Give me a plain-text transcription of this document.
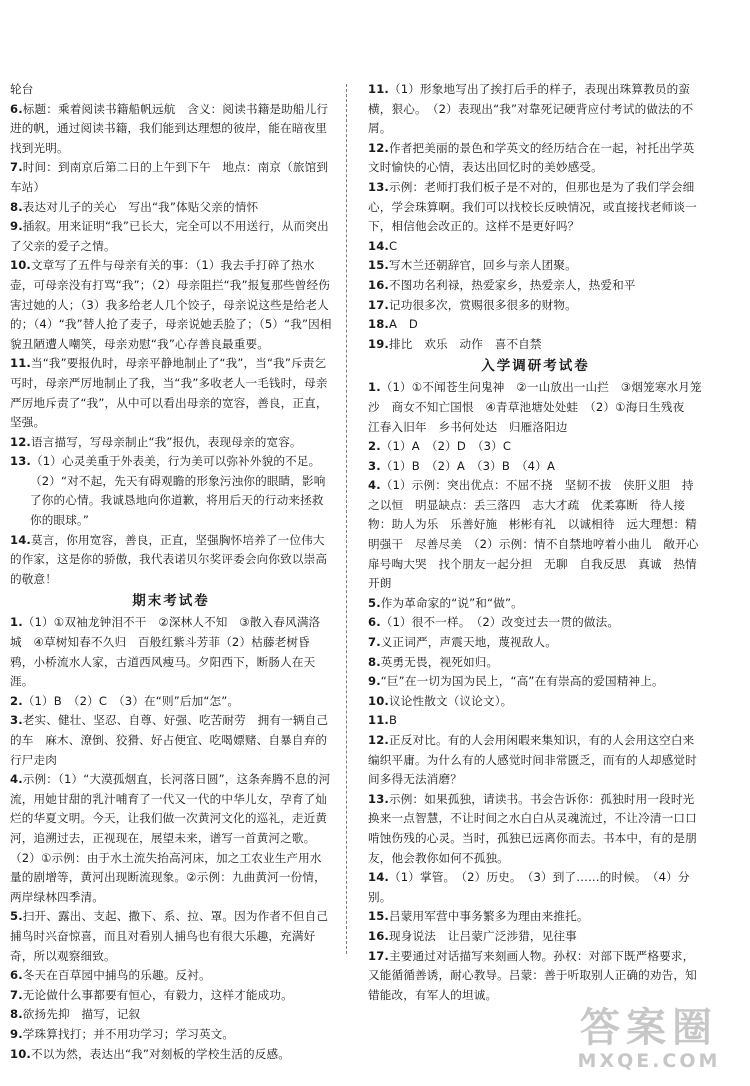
轮台

6.标题：乘着阅读书籍船帆远航　含义：阅读书籍是助船儿行进的帆，通过阅读书籍，我们能到达理想的彼岸，能在暗夜里找到光明。

7.时间：到南京后第二日的上午到下午　地点：南京（旅馆到车站）

8.表达对儿子的关心　写出“我”体贴父亲的情怀

9.插叙。用来证明“我”已长大，完全可以不用送行，从而突出了父亲的爱子之情。

10.文章写了五件与母亲有关的事：（1）我去手打碎了热水壶，可母亲没有打骂“我”；（2）母亲阻拦“我”报复那些曾经伤害过她的人；（3）我多给老人几个饺子，母亲说这些是给老人的；（4）“我”替人抢了麦子，母亲说她丢脸了；（5）“我”因相貌丑陋遭人嘲笑，母亲劝慰“我”心存善良最重要。

11.当“我”要报仇时，母亲平静地制止了“我”，当“我”斥责乞丐时，母亲严厉地制止了我，当“我”多收老人一毛钱时，母亲严厉地斥责了“我”，从中可以看出母亲的宽容，善良，正直，坚强。

12.语言描写，写母亲制止“我”报仇，表现母亲的宽容。

13.（1）心灵美重于外表美，行为美可以弥补外貌的不足。

（2）“对不起，先天有碍观瞻的形象污浊你的眼睛，影响了你的心情。我诚恳地向你道歉，将用后天的行动来拯救你的眼球。”

14.莫言，你用宽容，善良，正直，坚强胸怀培养了一位伟大的作家，这是你的骄傲，我代表诺贝尔奖评委会向你致以崇高的敬意！

期末考试卷

1.（1）①双袖龙钟泪不干　②深林人不知　③散入春风满洛城　④草树知春不久归　百般红紫斗芳菲（2）枯藤老树昏鸦，小桥流水人家，古道西风瘦马。夕阳西下，断肠人在天涯。

2.（1）B　（2）C　（3）在“则”后加“怎”。

3.老实、健壮、坚忍、自尊、好强、吃苦耐劳　拥有一辆自己的车　麻木、潦倒、狡猾、好占便宜、吃喝嫖赌、自暴自弃的行尸走肉

4.示例：（1）“大漠孤烟直，长河落日圆”，这条奔腾不息的河流，用她甘甜的乳汁哺育了一代又一代的中华儿女，孕育了灿烂的华夏文明。今天，让我们做一次黄河文化的巡礼，走近黄河，追溯过去，正视现在，展望未来，谱写一首黄河之歌。　（2）①示例：由于水土流失抬高河床，加之工农业生产用水量的剧增等，黄河出现断流现象。②示例：九曲黄河一份情，两岸绿林四季清。

5.扫开、露出、支起、撒下、系、拉、罩。因为作者不但自己捕鸟时兴奋惊喜，而且对看别人捕鸟也有很大乐趣，充满好奇，所以观察细致。

6.冬天在百草园中捕鸟的乐趣。反衬。

7.无论做什么事都要有恒心，有毅力，这样才能成功。

8.欲扬先抑　描写，记叙

9.学珠算找打；并不用功学习；学习英文。

10.不以为然，表达出“我”对刻板的学校生活的反感。

11.（1）形象地写出了挨打后手的样子，表现出珠算教员的蛮横，狠心。　（2）表现出“我”对靠死记硬背应付考试的做法的不屑。

12.作者把美丽的景色和学英文的经历结合在一起，衬托出学英文时愉快的心情，表达出回忆时的美妙感受。

13.示例：老师打我们板子是不对的，但那也是为了我们学会细心，学会珠算啊。我们可以找校长反映情况，或直接找老师谈一下，相信他会改正的。这样不是更好吗？

14.C

15.写木兰还朝辞官，回乡与亲人团聚。

16.不图功名利禄，热爱家乡，热爱亲人，热爱和平

17.记功很多次，赏赐很多很多的财物。

18.A　D

19.排比　欢乐　动作　喜不自禁

入学调研考试卷

1.（1）①不闻苍生问鬼神　②一山放出一山拦　③烟笼寒水月笼沙　商女不知亡国恨　④青草池塘处处蛙　（2）①海日生残夜　江春入旧年　乡书何处达　归雁洛阳边

2.（1）A　（2）D　（3）C

3.（1）B　（2）A　（3）B　（4）A

4.（1）示例：突出优点：不屈不挠　坚韧不拔　侠肝义胆　持之以恒　明显缺点：丢三落四　志大才疏　优柔寡断　待人接物：助人为乐　乐善好施　彬彬有礼　以诚相待　远大理想：精明强干　尽善尽美　（2）示例：情不自禁地哼着小曲儿　敞开心扉号啕大哭　找个朋友一起分担　无聊　自我反思　真诚　热情　开朗

5.作为革命家的“说”和“做”。

6.（1）很不一样。　（2）改变过去一贯的做法。

7.义正词严，声震天地，蔑视敌人。

8.英勇无畏，视死如归。

9.“巨”在一切为国为民上，“高”在有崇高的爱国精神上。

10.议论性散文（议论文）。

11.B

12.正反对比。有的人会用闲暇来集知识，有的人会用这空白来编织平庸。为什么有的人感觉时间非常匮乏，而有的人却感觉时间多得无法消磨？

13.示例：如果孤独，请读书。书会告诉你：孤独时用一段时光换来一点智慧，不让时间之水白白从灵魂流过，不让冷清一口口啃蚀伤残的心灵。当时，孤独已远离你而去。书本中，有的是朋友，他会教你如何不孤独。

14.（1）掌管。　（2）历史。　（3）到了……的时候。　（4）分别。

15.吕蒙用军营中事务繁多为理由来推托。

16.现身说法　让吕蒙广泛涉猎，见往事

17.主要通过对话描写来刻画人物。孙权：对部下既严格要求，又能循循善诱，耐心教导。吕蒙：善于听取别人正确的劝告，知错能改，有军人的坦诚。

答案圈
MXQE.COM
